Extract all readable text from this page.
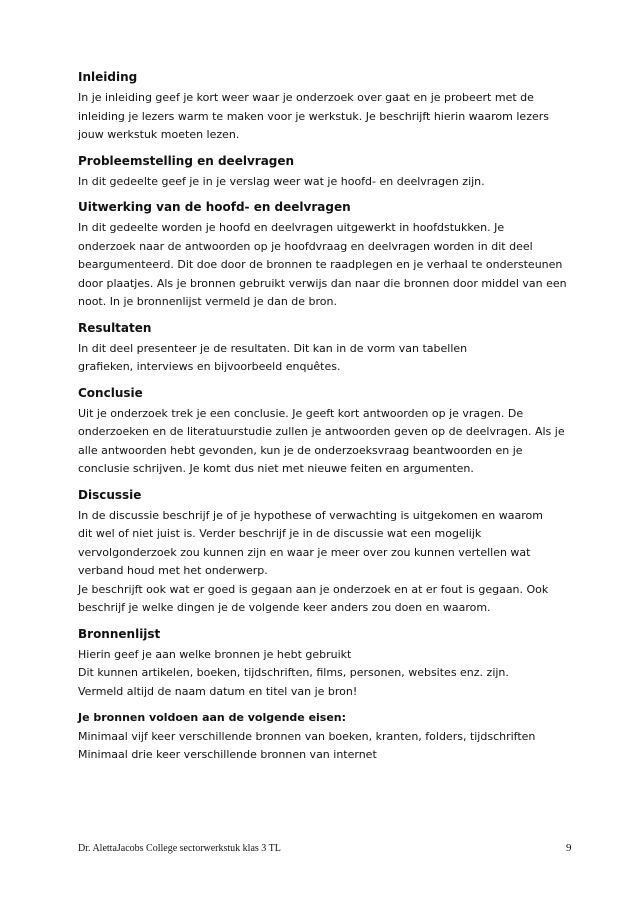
Inleiding

In je inleiding geef je kort weer waar je onderzoek over gaat en je probeert met de

inleiding je lezers warm te maken voor je werkstuk. Je beschrijft hierin waarom lezers

jouw werkstuk moeten lezen.

Probleemstelling en deelvragen

In dit gedeelte geef je in je verslag weer wat je hoofd- en deelvragen zijn.

Uitwerking van de hoofd- en deelvragen

In dit gedeelte worden je hoofd en deelvragen uitgewerkt in hoofdstukken. Je

onderzoek naar de antwoorden op je hoofdvraag en deelvragen worden in dit deel

beargumenteerd. Dit doe door de bronnen te raadplegen en je verhaal te ondersteunen

door plaatjes. Als je bronnen gebruikt verwijs dan naar die bronnen door middel van een

noot. In je bronnenlijst vermeld je dan de bron.

Resultaten

In dit deel presenteer je de resultaten. Dit kan in de vorm van tabellen

grafieken, interviews en bijvoorbeeld enquêtes.

Conclusie

Uit je onderzoek trek je een conclusie. Je geeft kort antwoorden op je vragen. De

onderzoeken en de literatuurstudie zullen je antwoorden geven op de deelvragen. Als je

alle antwoorden hebt gevonden, kun je de onderzoeksvraag beantwoorden en je

conclusie schrijven. Je komt dus niet met nieuwe feiten en argumenten.

Discussie

In de discussie beschrijf je of je hypothese of verwachting is uitgekomen en waarom

dit wel of niet juist is. Verder beschrijf je in de discussie wat een mogelijk

vervolgonderzoek zou kunnen zijn en waar je meer over zou kunnen vertellen wat

verband houd met het onderwerp.

Je beschrijft ook wat er goed is gegaan aan je onderzoek en at er fout is gegaan. Ook

beschrijf je welke dingen je de volgende keer anders zou doen en waarom.

Bronnenlijst

Hierin geef je aan welke bronnen je hebt gebruikt

Dit kunnen artikelen, boeken, tijdschriften, films, personen, websites enz. zijn.

Vermeld altijd de naam datum en titel van je bron!

Je bronnen voldoen aan de volgende eisen:

Minimaal vijf keer verschillende bronnen van boeken, kranten, folders, tijdschriften

Minimaal drie keer verschillende bronnen van internet

Dr. AlettaJacobs College sectorwerkstuk klas 3 TL	9
